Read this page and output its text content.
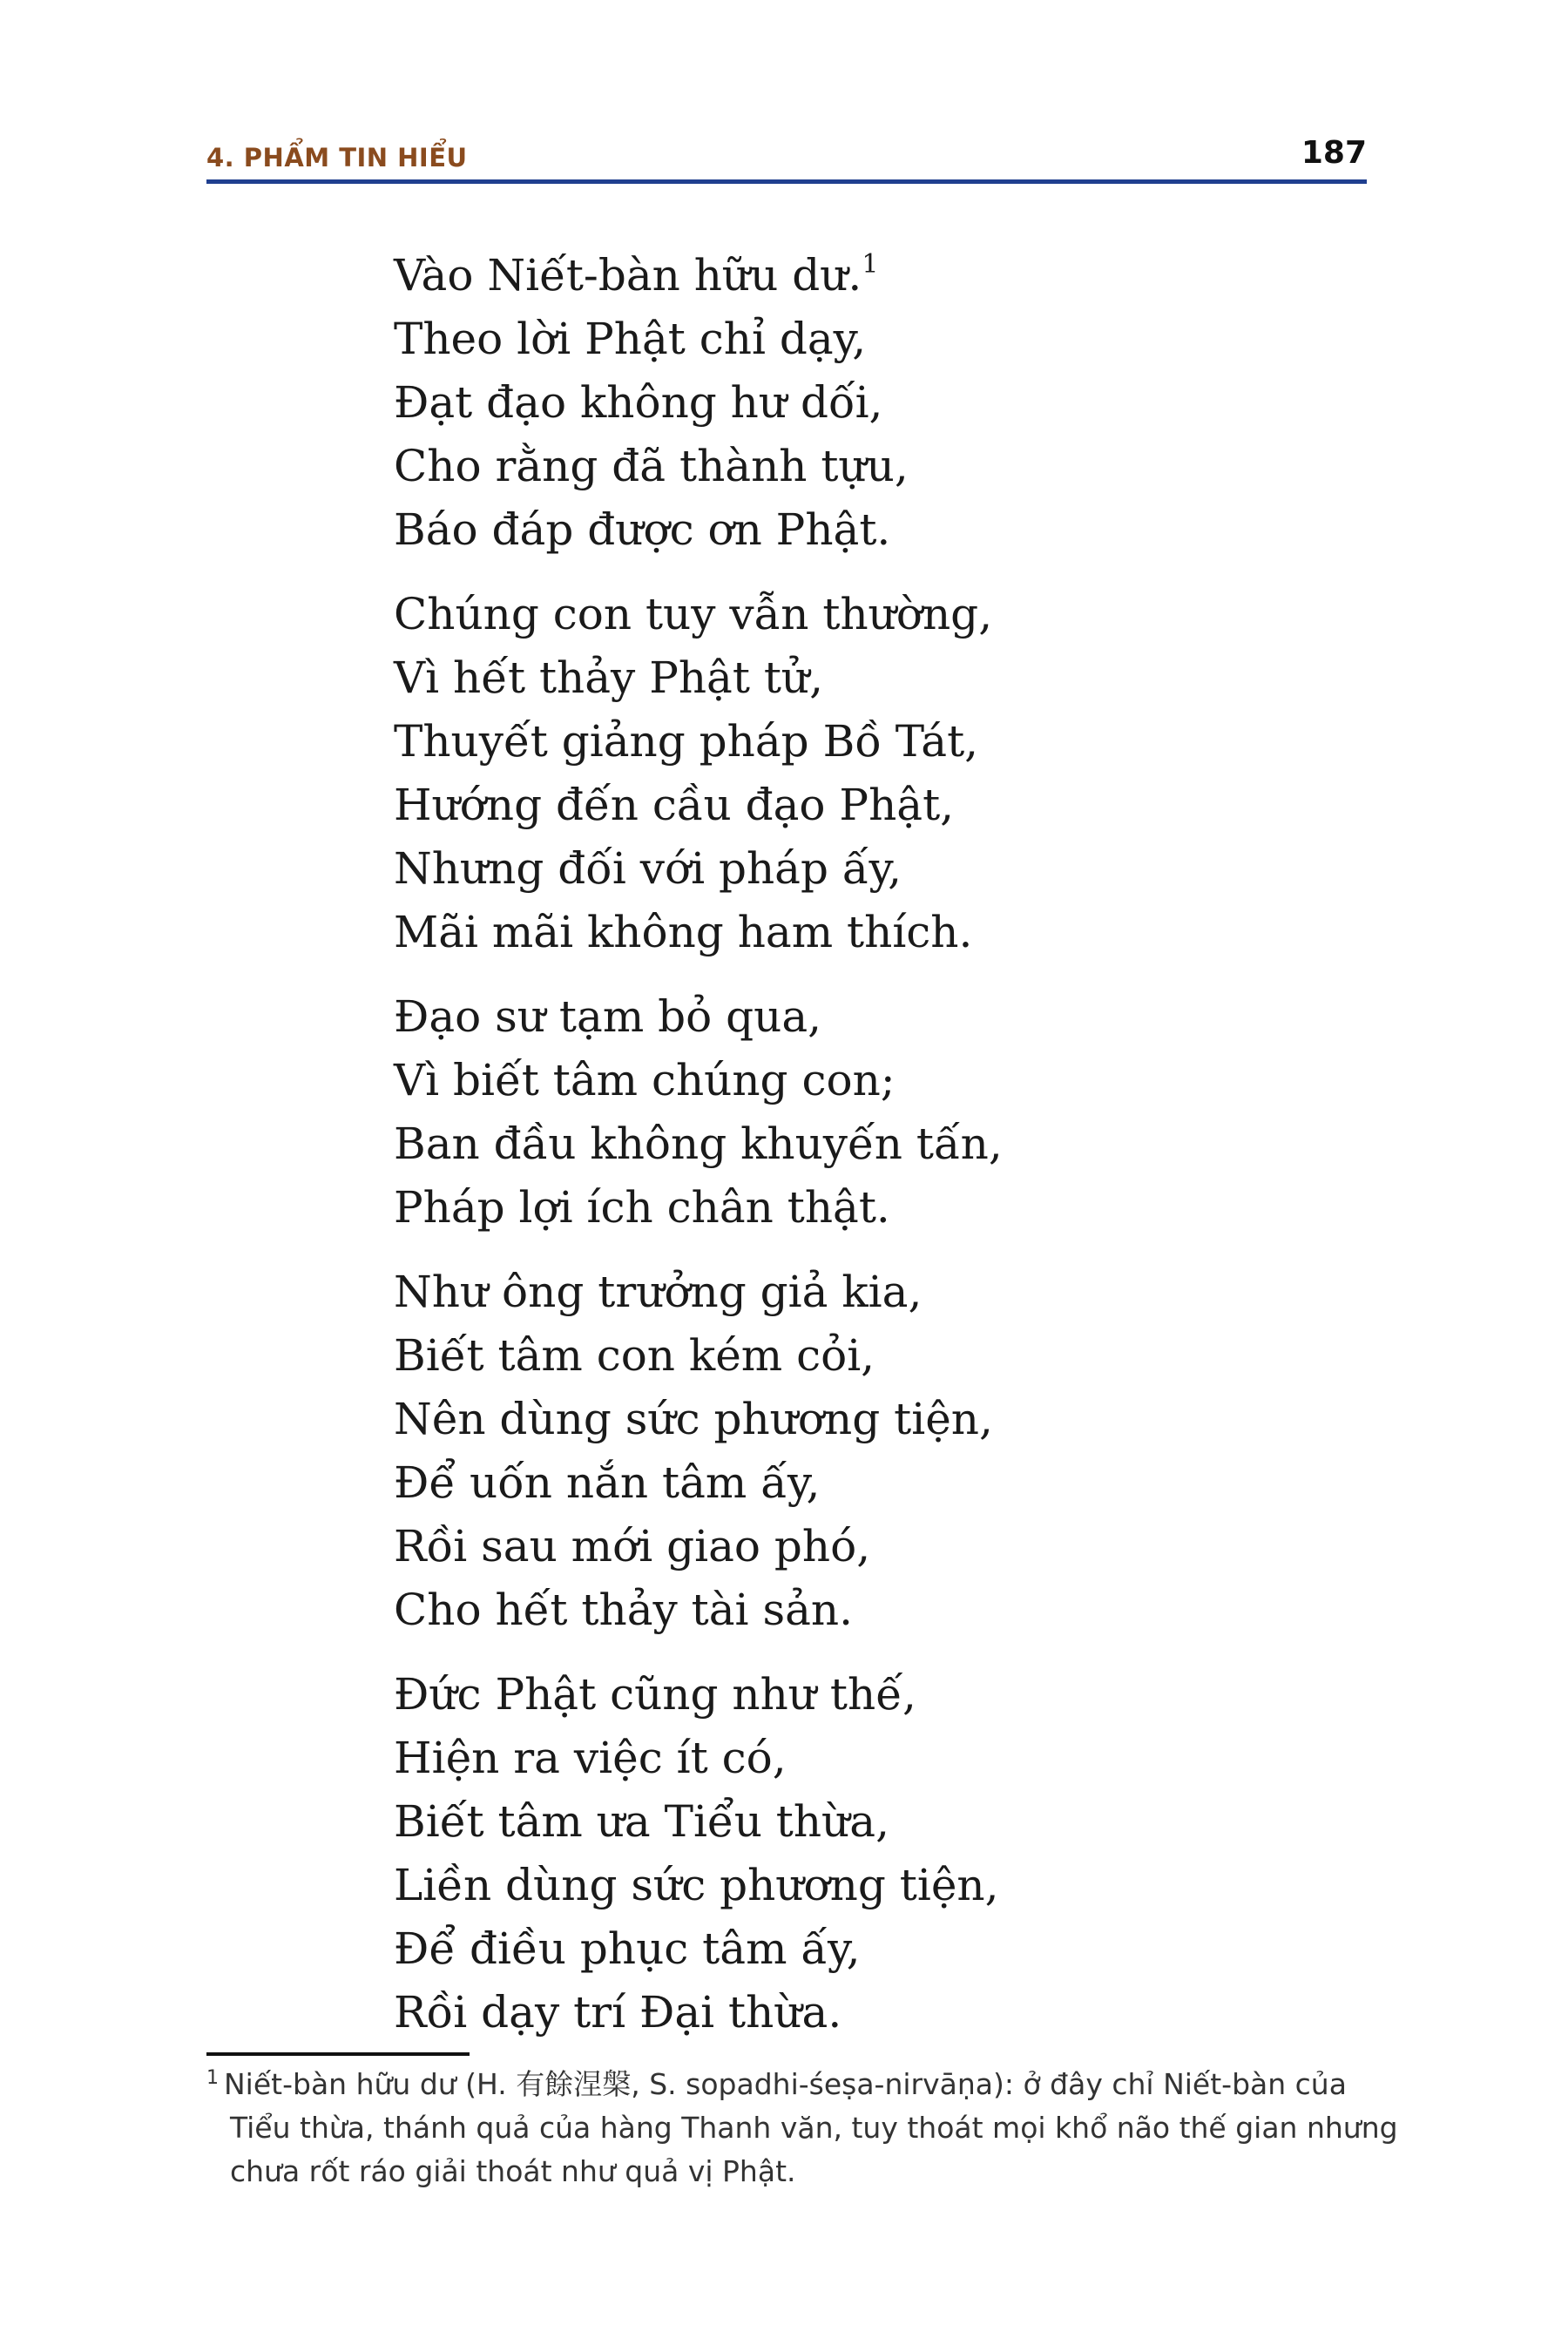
4. PHẨM TIN HIỂU	187
Vào Niết-bàn hữu dư.$^1$
Theo lời Phật chỉ dạy,
Đạt đạo không hư dối,
Cho rằng đã thành tựu,
Báo đáp được ơn Phật.
Chúng con tuy vẫn thường,
Vì hết thảy Phật tử,
Thuyết giảng pháp Bồ Tát,
Hướng đến cầu đạo Phật,
Nhưng đối với pháp ấy,
Mãi mãi không ham thích.
Đạo sư tạm bỏ qua,
Vì biết tâm chúng con;
Ban đầu không khuyến tấn,
Pháp lợi ích chân thật.
Như ông trưởng giả kia,
Biết tâm con kém cỏi,
Nên dùng sức phương tiện,
Để uốn nắn tâm ấy,
Rồi sau mới giao phó,
Cho hết thảy tài sản.
Đức Phật cũng như thế,
Hiện ra việc ít có,
Biết tâm ưa Tiểu thừa,
Liền dùng sức phương tiện,
Để điều phục tâm ấy,
Rồi dạy trí Đại thừa.
$^1$ Niết-bàn hữu dư (H. 有餘涅槃, S. sopadhi-śeṣa-nirvāṇa): ở đây chỉ Niết-bàn của
Tiểu thừa, thánh quả của hàng Thanh văn, tuy thoát mọi khổ não thế gian nhưng
chưa rốt ráo giải thoát như quả vị Phật.
